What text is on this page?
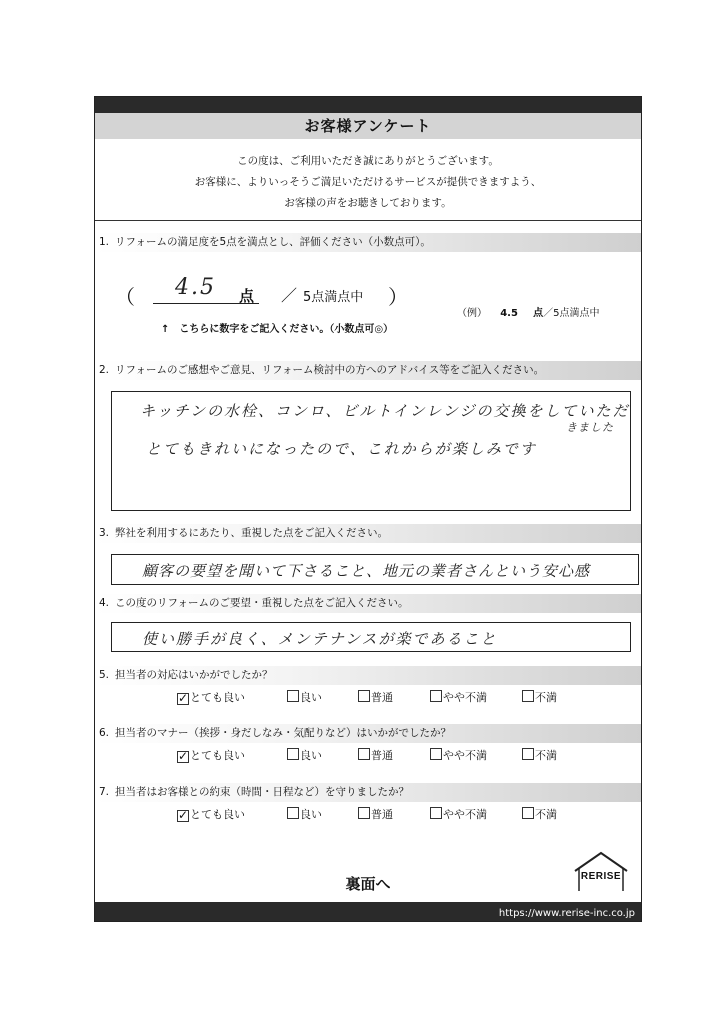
お客様アンケート
この度は、ご利用いただき誠にありがとうございます。
お客様に、よりいっそうご満足いただけるサービスが提供できますよう、
お客様の声をお聴きしております。
1. リフォームの満足度を5点を満点とし、評価ください（小数点可）。
（ 4.5 点 ／ 5点満点中 ）
↑　こちらに数字をご記入ください。（小数点可◎）
（例） 4.5 点／5点満点中
2. リフォームのご感想やご意見、リフォーム検討中の方へのアドバイス等をご記入ください。
キッチンの水栓、コンロ、ビルトインレンジの交換をしていただ
きました
とてもきれいになったので、これからが楽しみです
3. 弊社を利用するにあたり、重視した点をご記入ください。
顧客の要望を聞いて下さること、地元の業者さんという安心感
4. この度のリフォームのご要望・重視した点をご記入ください。
使い勝手が良く、メンテナンスが楽であること
5. 担当者の対応はいかがでしたか？
✓ とても良い	良い	普通	やや不満	不満
6. 担当者のマナー（挨拶・身だしなみ・気配りなど）はいかがでしたか？
✓ とても良い	良い	普通	やや不満	不満
7. 担当者はお客様との約束（時間・日程など）を守りましたか？
✓ とても良い	良い	普通	やや不満	不満
裏面へ	RERISE
https://www.rerise-inc.co.jp
